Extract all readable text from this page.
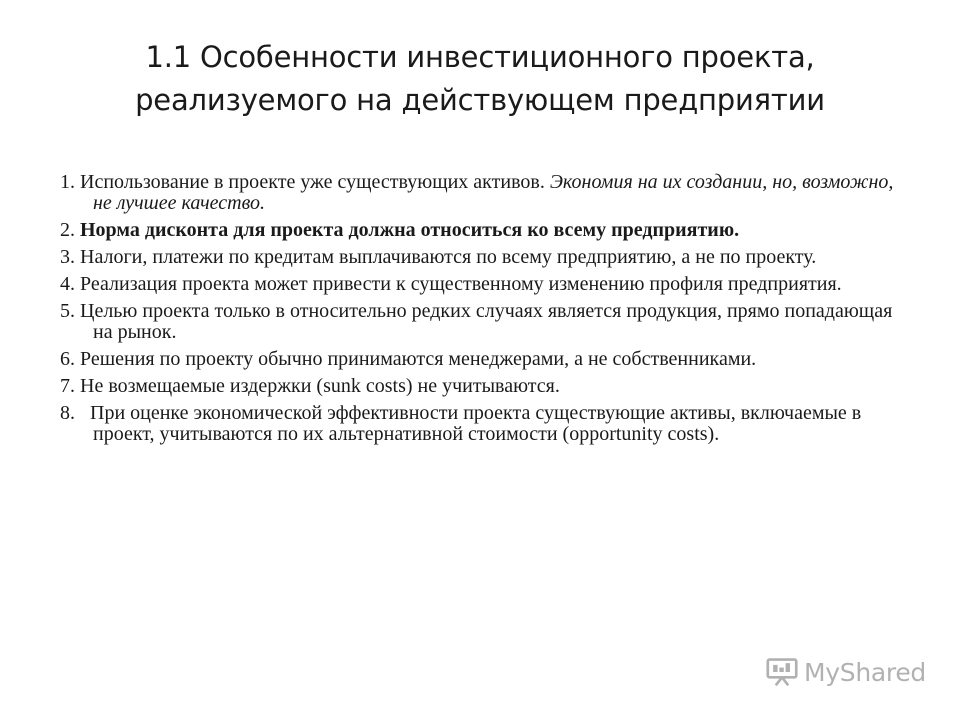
1.1 Особенности инвестиционного проекта, реализуемого на действующем предприятии
1. Использование в проекте уже существующих активов. Экономия на их создании, но, возможно, не лучшее качество.
2. Норма дисконта для проекта должна относиться ко всему предприятию.
3. Налоги, платежи по кредитам выплачиваются по всему предприятию, а не по проекту.
4. Реализация проекта может привести к существенному изменению профиля предприятия.
5. Целью проекта только в относительно редких случаях является продукция, прямо попадающая на рынок.
6. Решения по проекту обычно принимаются менеджерами, а не собственниками.
7. Не возмещаемые издержки (sunk costs) не учитываются.
8.   При оценке экономической эффективности проекта существующие активы, включаемые в проект, учитываются по их альтернативной стоимости (opportunity costs).
MyShared
